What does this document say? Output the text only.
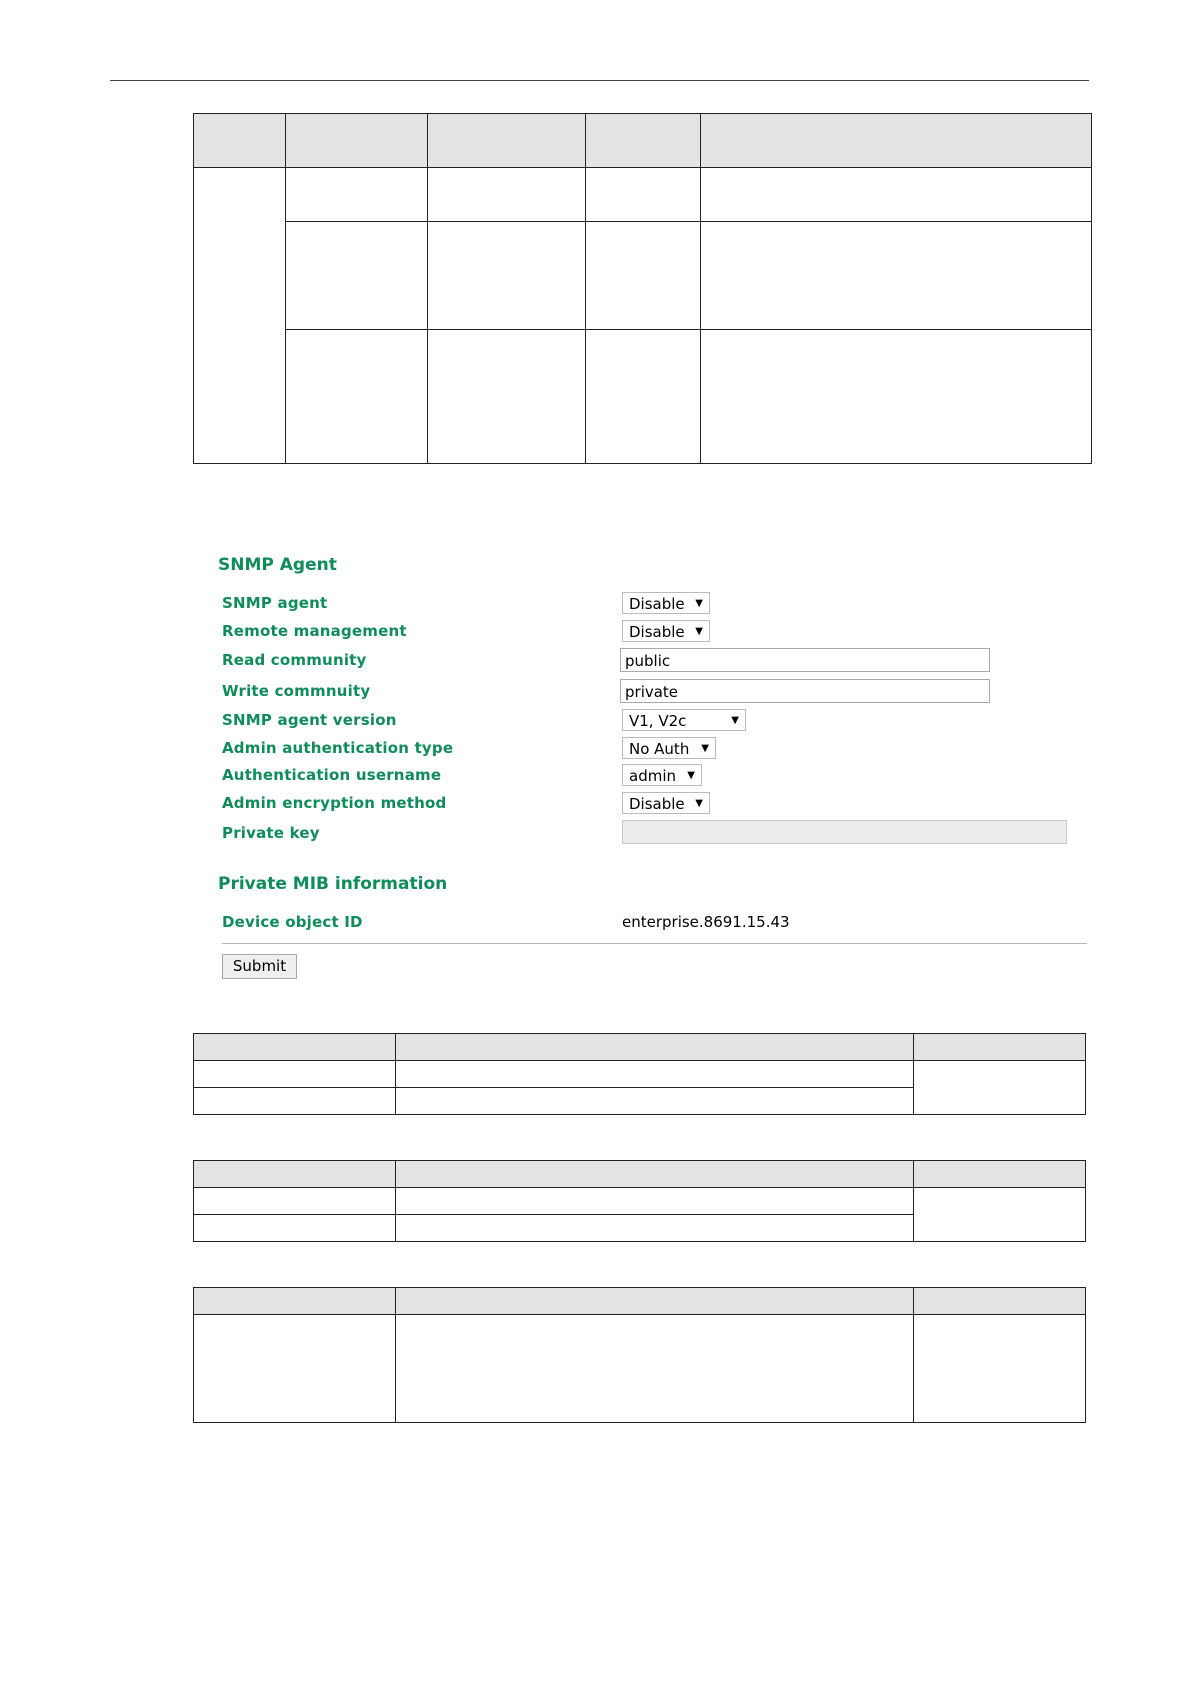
SNMP Agent
SNMP agent	Disable ▼
Remote management	Disable ▼
Read community	public
Write commnuity	private
SNMP agent version	V1, V2c	▼
Admin authentication type	No Auth ▼
Authentication username	admin ▼
Admin encryption method	Disable ▼
Private key
Private MIB information
Device object ID	enterprise.8691.15.43
Submit
